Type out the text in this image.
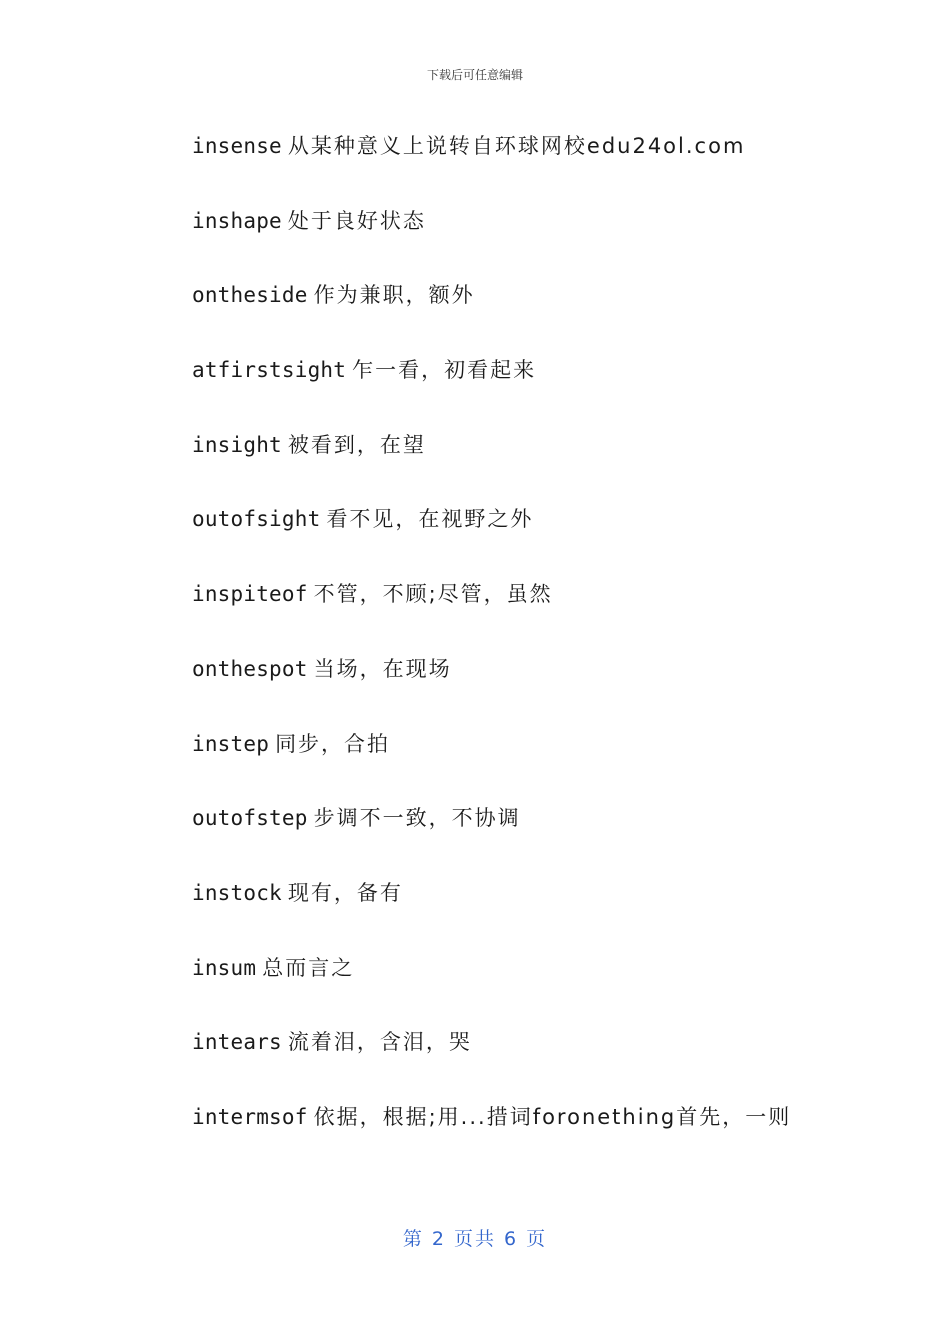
下载后可任意编辑
insense 从某种意义上说转自环球网校edu24ol.com
inshape 处于良好状态
ontheside 作为兼职，额外
atfirstsight 乍一看，初看起来
insight 被看到，在望
outofsight 看不见，在视野之外
inspiteof 不管，不顾;尽管，虽然
onthespot 当场，在现场
instep 同步，合拍
outofstep 步调不一致，不协调
instock 现有，备有
insum 总而言之
intears 流着泪，含泪，哭
intermsof 依据，根据;用...措词foronething首先，一则
第 2 页共 6 页
